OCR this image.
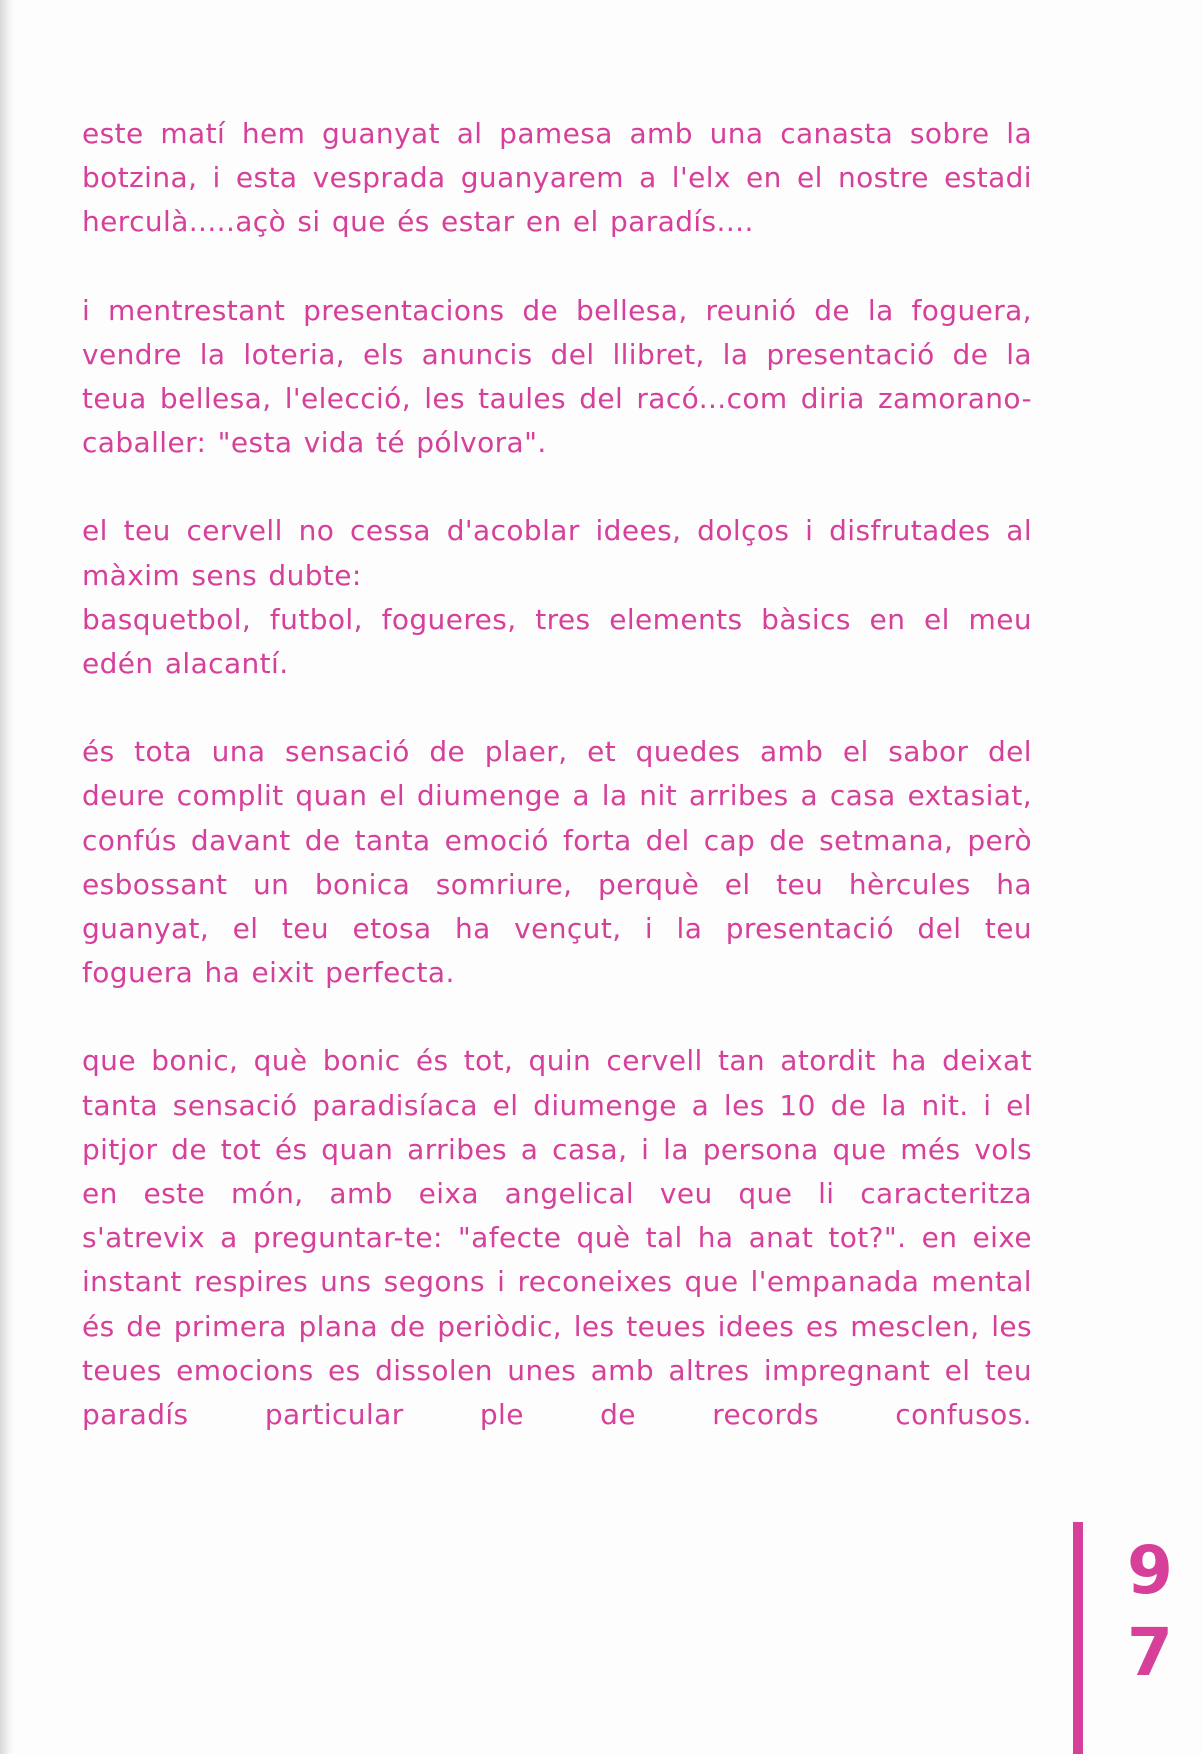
este matí hem guanyat al pamesa amb una canasta sobre la botzina, i esta vesprada guanyarem a l'elx en el nostre estadi herculà.....açò si que és estar en el paradís....

i mentrestant presentacions de bellesa, reunió de la foguera, vendre la loteria, els anuncis del llibret, la presentació de la teua bellesa, l'elecció, les taules del racó...com diria zamorano-caballer: "esta vida té pólvora".

el teu cervell no cessa d'acoblar idees, dolços i disfrutades al màxim sens dubte:
basquetbol, futbol, fogueres, tres elements bàsics en el meu edén alacantí.

és tota una sensació de plaer, et quedes amb el sabor del deure complit quan el diumenge a la nit arribes a casa extasiat, confús davant de tanta emoció forta del cap de setmana, però esbossant un bonica somriure, perquè el teu hèrcules ha guanyat, el teu etosa ha vençut, i la presentació del teu foguera ha eixit perfecta.

que bonic, què bonic és tot, quin cervell tan atordit ha deixat tanta sensació paradisíaca el diumenge a les 10 de la nit. i el pitjor de tot és quan arribes a casa, i la persona que més vols en este món, amb eixa angelical veu que li caracteritza s'atrevix a preguntar-te: "afecte què tal ha anat tot?". en eixe instant respires uns segons i reconeixes que l'empanada mental és de primera plana de periòdic, les teues idees es mesclen, les teues emocions es dissolen unes amb altres impregnant el teu paradís particular ple de records confusos.

9
7
